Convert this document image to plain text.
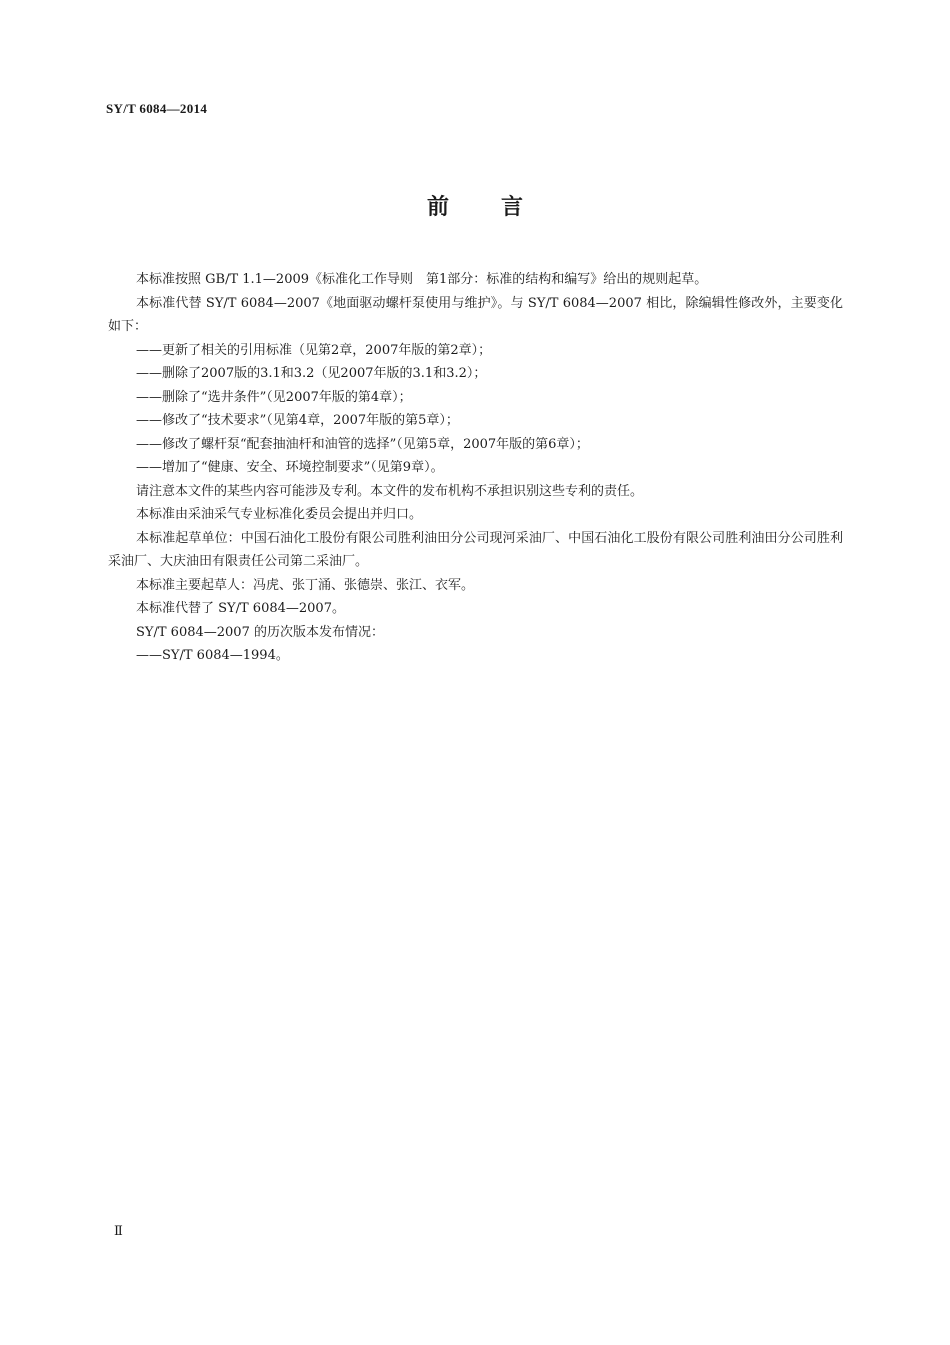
SY/T 6084—2014
前 言

本标准按照 GB/T 1.1—2009《标准化工作导则　第1部分：标准的结构和编写》给出的规则起草。

本标准代替 SY/T 6084—2007《地面驱动螺杆泵使用与维护》。与 SY/T 6084—2007 相比，除编辑性修改外，主要变化如下：

——更新了相关的引用标准（见第2章，2007年版的第2章）；

——删除了2007版的3.1和3.2（见2007年版的3.1和3.2）；

——删除了“选井条件”（见2007年版的第4章）；

——修改了“技术要求”（见第4章，2007年版的第5章）；

——修改了螺杆泵“配套抽油杆和油管的选择”（见第5章，2007年版的第6章）；

——增加了“健康、安全、环境控制要求”（见第9章）。

请注意本文件的某些内容可能涉及专利。本文件的发布机构不承担识别这些专利的责任。

本标准由采油采气专业标准化委员会提出并归口。

本标准起草单位：中国石油化工股份有限公司胜利油田分公司现河采油厂、中国石油化工股份有限公司胜利油田分公司胜利采油厂、大庆油田有限责任公司第二采油厂。

本标准主要起草人：冯虎、张丁涌、张德崇、张江、衣军。

本标准代替了 SY/T 6084—2007。

SY/T 6084—2007 的历次版本发布情况：

——SY/T 6084—1994。

Ⅱ
